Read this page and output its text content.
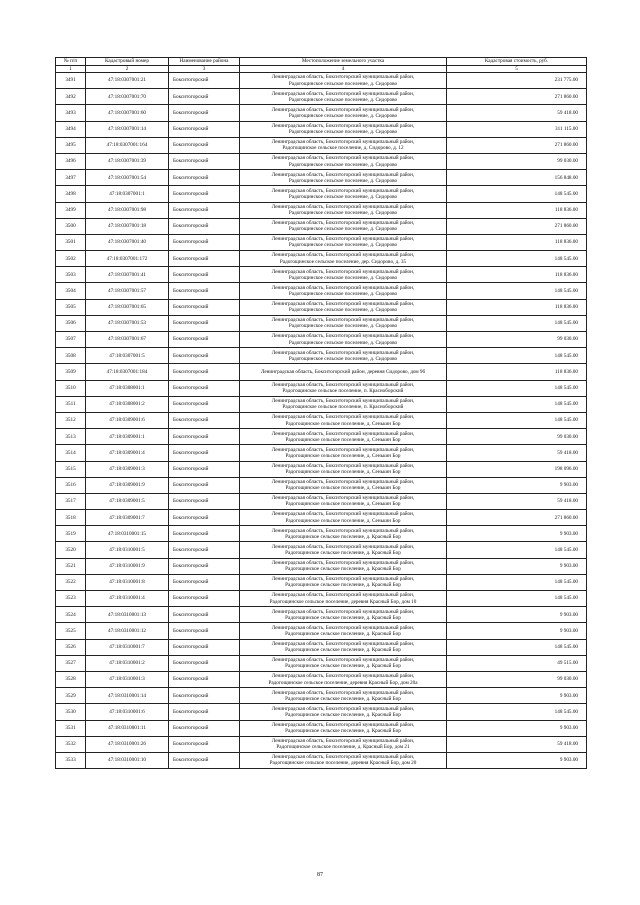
№ п/п	Кадастровый номер	Наименование района	Местоположение земельного участка	Кадастровая стоимость, руб.
1	2	3	4	5
3491	47:18:0307001:21	Бокситогорский	Ленинградская область, Бокситогорский муниципальный район,
Радогощинское сельское поселение, д. Сидорово	231 775.00
3492	47:18:0307001:70	Бокситогорский	Ленинградская область, Бокситогорский муниципальный район,
Радогощинское сельское поселение, д. Сидорово	271 860.00
3493	47:18:0307001:60	Бокситогорский	Ленинградская область, Бокситогорский муниципальный район,
Радогощинское сельское поселение, д. Сидорово	59 418.00
3494	47:18:0307001:14	Бокситогорский	Ленинградская область, Бокситогорский муниципальный район,
Радогощинское сельское поселение, д. Сидорово	311 115.00
3495	47:18:0307001:164	Бокситогорский	Ленинградская область, Бокситогорский муниципальный район,
Радогощинское сельское поселение, д. Сидорово, д. 12	271 860.00
3496	47:18:0307001:39	Бокситогорский	Ленинградская область, Бокситогорский муниципальный район,
Радогощинское сельское поселение, д. Сидорово	99 030.00
3497	47:18:0307001:54	Бокситогорский	Ленинградская область, Бокситогорский муниципальный район,
Радогощинское сельское поселение, д. Сидорово	156 848.00
3498	47:18:0307001:1	Бокситогорский	Ленинградская область, Бокситогорский муниципальный район,
Радогощинское сельское поселение, д. Сидорово	148 545.00
3499	47:18:0307001:98	Бокситогорский	Ленинградская область, Бокситогорский муниципальный район,
Радогощинское сельское поселение, д. Сидорово	118 836.00
3500	47:18:0307001:18	Бокситогорский	Ленинградская область, Бокситогорский муниципальный район,
Радогощинское сельское поселение, д. Сидорово	271 860.00
3501	47:18:0307001:40	Бокситогорский	Ленинградская область, Бокситогорский муниципальный район,
Радогощинское сельское поселение, д. Сидорово	118 836.00
3502	47:18:0307001:172	Бокситогорский	Ленинградская область, Бокситогорский муниципальный район,
Радогощинское сельское поселение, дер. Сидорово, д. 35	148 545.00
3503	47:18:0307001:41	Бокситогорский	Ленинградская область, Бокситогорский муниципальный район,
Радогощинское сельское поселение, д. Сидорово	118 836.00
3504	47:18:0307001:57	Бокситогорский	Ленинградская область, Бокситогорский муниципальный район,
Радогощинское сельское поселение, д. Сидорово	148 545.00
3505	47:18:0307001:65	Бокситогорский	Ленинградская область, Бокситогорский муниципальный район,
Радогощинское сельское поселение, д. Сидорово	118 836.00
3506	47:18:0307001:53	Бокситогорский	Ленинградская область, Бокситогорский муниципальный район,
Радогощинское сельское поселение, д. Сидорово	148 545.00
3507	47:18:0307001:67	Бокситогорский	Ленинградская область, Бокситогорский муниципальный район,
Радогощинское сельское поселение, д. Сидорово	99 030.00
3508	47:18:0307001:5	Бокситогорский	Ленинградская область, Бокситогорский муниципальный район,
Радогощинское сельское поселение, д. Сидорово	148 545.00
3509	47:18:0307001:184	Бокситогорский	Ленинградская область, Бокситогорский район, деревня Сидорово, дом 9б	118 836.00
3510	47:18:0308001:1	Бокситогорский	Ленинградская область, Бокситогорский муниципальный район,
Радогощинское сельское поселение, п. Красноборский	148 545.00
3511	47:18:0308001:2	Бокситогорский	Ленинградская область, Бокситогорский муниципальный район,
Радогощинское сельское поселение, п. Красноборский	148 545.00
3512	47:18:0309001:6	Бокситогорский	Ленинградская область, Бокситогорский муниципальный район,
Радогощинское сельское поселение, д. Сенькин Бор	148 545.00
3513	47:18:0309001:1	Бокситогорский	Ленинградская область, Бокситогорский муниципальный район,
Радогощинское сельское поселение, д. Сенькин Бор	99 030.00
3514	47:18:0309001:4	Бокситогорский	Ленинградская область, Бокситогорский муниципальный район,
Радогощинское сельское поселение, д. Сенькин Бор	59 418.00
3515	47:18:0309001:3	Бокситогорский	Ленинградская область, Бокситогорский муниципальный район,
Радогощинское сельское поселение, д. Сенькин Бор	198 096.00
3516	47:18:0309001:9	Бокситогорский	Ленинградская область, Бокситогорский муниципальный район,
Радогощинское сельское поселение, д. Сенькин Бор	9 903.00
3517	47:18:0309001:5	Бокситогорский	Ленинградская область, Бокситогорский муниципальный район,
Радогощинское сельское поселение, д. Сенькин Бор	59 418.00
3518	47:18:0309001:7	Бокситогорский	Ленинградская область, Бокситогорский муниципальный район,
Радогощинское сельское поселение, д. Сенькин Бор	271 860.00
3519	47:18:0310001:15	Бокситогорский	Ленинградская область, Бокситогорский муниципальный район,
Радогощинское сельское поселение, д. Красный Бор	9 903.00
3520	47:18:0310001:5	Бокситогорский	Ленинградская область, Бокситогорский муниципальный район,
Радогощинское сельское поселение, д. Красный Бор	148 545.00
3521	47:18:0310001:9	Бокситогорский	Ленинградская область, Бокситогорский муниципальный район,
Радогощинское сельское поселение, д. Красный Бор	9 903.00
3522	47:18:0310001:8	Бокситогорский	Ленинградская область, Бокситогорский муниципальный район,
Радогощинское сельское поселение, д. Красный Бор	148 545.00
3523	47:18:0310001:4	Бокситогорский	Ленинградская область, Бокситогорский муниципальный район,
Радогощинское сельское поселение, деревня Красный Бор, дом 10	148 545.00
3524	47:18:0310001:13	Бокситогорский	Ленинградская область, Бокситогорский муниципальный район,
Радогощинское сельское поселение, д. Красный Бор	9 903.00
3525	47:18:0310001:12	Бокситогорский	Ленинградская область, Бокситогорский муниципальный район,
Радогощинское сельское поселение, д. Красный Бор	9 903.00
3526	47:18:0310001:7	Бокситогорский	Ленинградская область, Бокситогорский муниципальный район,
Радогощинское сельское поселение, д. Красный Бор	148 545.00
3527	47:18:0310001:2	Бокситогорский	Ленинградская область, Бокситогорский муниципальный район,
Радогощинское сельское поселение, д. Красный Бор	49 515.00
3528	47:18:0310001:3	Бокситогорский	Ленинградская область, Бокситогорский муниципальный район,
Радогощинское сельское поселение, деревня Красный Бор, дом 20а	99 030.00
3529	47:18:0310001:14	Бокситогорский	Ленинградская область, Бокситогорский муниципальный район,
Радогощинское сельское поселение, д. Красный Бор	9 903.00
3530	47:18:0310001:6	Бокситогорский	Ленинградская область, Бокситогорский муниципальный район,
Радогощинское сельское поселение, д. Красный Бор	148 545.00
3531	47:18:0310001:11	Бокситогорский	Ленинградская область, Бокситогорский муниципальный район,
Радогощинское сельское поселение, д. Красный Бор	9 903.00
3532	47:18:0310001:26	Бокситогорский	Ленинградская область, Бокситогорский муниципальный район,
Радогощинское сельское поселение, д. Красный Бор, дом 21	59 418.00
3533	47:18:0310001:10	Бокситогорский	Ленинградская область, Бокситогорский муниципальный район,
Радогощинское сельское поселение, деревня Красный Бор, дом 20	9 903.00
87
